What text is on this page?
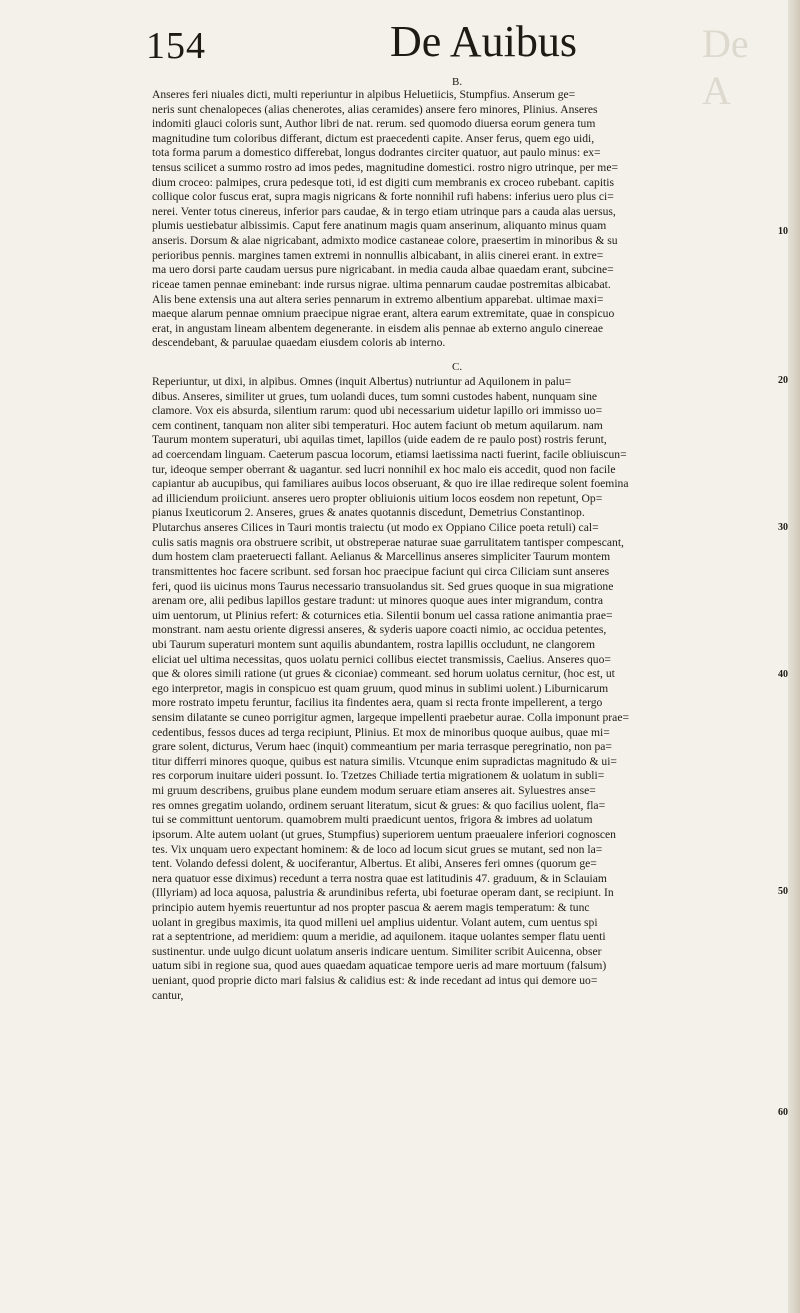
154	De Auibus	De A
B.
Anseres feri niuales dicti, multi reperiuntur in alpibus Heluetiicis, Stumpfius. Anserum ge=
neris sunt chenalopeces (alias chenerotes, alias ceramides) ansere fero minores, Plinius. Anseres
indomiti glauci coloris sunt, Author libri de nat. rerum. sed quomodo diuersa eorum genera tum
magnitudine tum coloribus differant, dictum est praecedenti capite. Anser ferus, quem ego uidi,
tota forma parum a domestico differebat, longus dodrantes circiter quatuor, aut paulo minus: ex=
tensus scilicet a summo rostro ad imos pedes, magnitudine domestici. rostro nigro utrinque, per me=
dium croceo: palmipes, crura pedesque toti, id est digiti cum membranis ex croceo rubebant. capitis
collique color fuscus erat, supra magis nigricans & forte nonnihil rufi habens: inferius uero plus ci=
nerei. Venter totus cinereus, inferior pars caudae, & in tergo etiam utrinque pars a cauda alas uersus,
plumis uestiebatur albissimis. Caput fere anatinum magis quam anserinum, aliquanto minus quam
anseris. Dorsum & alae nigricabant, admixto modice castaneae colore, praesertim in minoribus & su
perioribus pennis. margines tamen extremi in nonnullis albicabant, in aliis cinerei erant. in extre=
ma uero dorsi parte caudam uersus pure nigricabant. in media cauda albae quaedam erant, subcine=
riceae tamen pennae eminebant: inde rursus nigrae. ultima pennarum caudae postremitas albicabat.
Alis bene extensis una aut altera series pennarum in extremo albentium apparebat. ultimae maxi=
maeque alarum pennae omnium praecipue nigrae erant, altera earum extremitate, quae in conspicuo
erat, in angustam lineam albentem degenerante. in eisdem alis pennae ab externo angulo cinereae
descendebant, & paruulae quaedam eiusdem coloris ab interno.
C.
Reperiuntur, ut dixi, in alpibus. Omnes (inquit Albertus) nutriuntur ad Aquilonem in palu=
dibus. Anseres, similiter ut grues, tum uolandi duces, tum somni custodes habent, nunquam sine
clamore. Vox eis absurda, silentium rarum: quod ubi necessarium uidetur lapillo ori immisso uo=
cem continent, tanquam non aliter sibi temperaturi. Hoc autem faciunt ob metum aquilarum. nam
Taurum montem superaturi, ubi aquilas timet, lapillos (uide eadem de re paulo post) rostris ferunt,
ad coercendam linguam. Caeterum pascua locorum, etiamsi laetissima nacti fuerint, facile obliuiscun=
tur, ideoque semper oberrant & uagantur. sed lucri nonnihil ex hoc malo eis accedit, quod non facile
capiantur ab aucupibus, qui familiares auibus locos obseruant, & quo ire illae redireque solent foemina
ad illiciendum proiiciunt. anseres uero propter obliuionis uitium locos eosdem non repetunt, Op=
pianus Ixeuticorum 2. Anseres, grues & anates quotannis discedunt, Demetrius Constantinop.
Plutarchus anseres Cilices in Tauri montis traiectu (ut modo ex Oppiano Cilice poeta retuli) cal=
culis satis magnis ora obstruere scribit, ut obstreperae naturae suae garrulitatem tantisper compescant,
dum hostem clam praeteruecti fallant. Aelianus & Marcellinus anseres simpliciter Taurum montem
transmittentes hoc facere scribunt. sed forsan hoc praecipue faciunt qui circa Ciliciam sunt anseres
feri, quod iis uicinus mons Taurus necessario transuolandus sit. Sed grues quoque in sua migratione
arenam ore, alii pedibus lapillos gestare tradunt: ut minores quoque aues inter migrandum, contra
uim uentorum, ut Plinius refert: & coturnices etia. Silentii bonum uel cassa ratione animantia prae=
monstrant. nam aestu oriente digressi anseres, & syderis uapore coacti nimio, ac occidua petentes,
ubi Taurum superaturi montem sunt aquilis abundantem, rostra lapillis occludunt, ne clangorem
eliciat uel ultima necessitas, quos uolatu pernici collibus eiectet transmissis, Caelius. Anseres quo=
que & olores simili ratione (ut grues & ciconiae) commeant. sed horum uolatus cernitur, (hoc est, ut
ego interpretor, magis in conspicuo est quam gruum, quod minus in sublimi uolent.) Liburnicarum
more rostrato impetu feruntur, facilius ita findentes aera, quam si recta fronte impellerent, a tergo
sensim dilatante se cuneo porrigitur agmen, largeque impellenti praebetur aurae. Colla imponunt prae=
cedentibus, fessos duces ad terga recipiunt, Plinius. Et mox de minoribus quoque auibus, quae mi=
grare solent, dicturus, Verum haec (inquit) commeantium per maria terrasque peregrinatio, non pa=
titur differri minores quoque, quibus est natura similis. Vtcunque enim supradictas magnitudo & ui=
res corporum inuitare uideri possunt. Io. Tzetzes Chiliade tertia migrationem & uolatum in subli=
mi gruum describens, gruibus plane eundem modum seruare etiam anseres ait. Syluestres anse=
res omnes gregatim uolando, ordinem seruant literatum, sicut & grues: & quo facilius uolent, fla=
tui se committunt uentorum. quamobrem multi praedicunt uentos, frigora & imbres ad uolatum
ipsorum. Alte autem uolant (ut grues, Stumpfius) superiorem uentum praeualere inferiori cognoscen
tes. Vix unquam uero expectant hominem: & de loco ad locum sicut grues se mutant, sed non la=
tent. Volando defessi dolent, & uociferantur, Albertus. Et alibi, Anseres feri omnes (quorum ge=
nera quatuor esse diximus) recedunt a terra nostra quae est latitudinis 47. graduum, & in Sclauiam
(Illyriam) ad loca aquosa, palustria & arundinibus referta, ubi foeturae operam dant, se recipiunt. In
principio autem hyemis reuertuntur ad nos propter pascua & aerem magis temperatum: & tunc
uolant in gregibus maximis, ita quod milleni uel amplius uidentur. Volant autem, cum uentus spi
rat a septentrione, ad meridiem: quum a meridie, ad aquilonem. itaque uolantes semper flatu uenti
sustinentur. unde uulgo dicunt uolatum anseris indicare uentum. Similiter scribit Auicenna, obser
uatum sibi in regione sua, quod aues quaedam aquaticae tempore ueris ad mare mortuum (falsum)
ueniant, quod proprie dicto mari falsius & calidius est: & inde recedant ad intus qui demore uo=
cantur,
10
20
30
40
50
60
